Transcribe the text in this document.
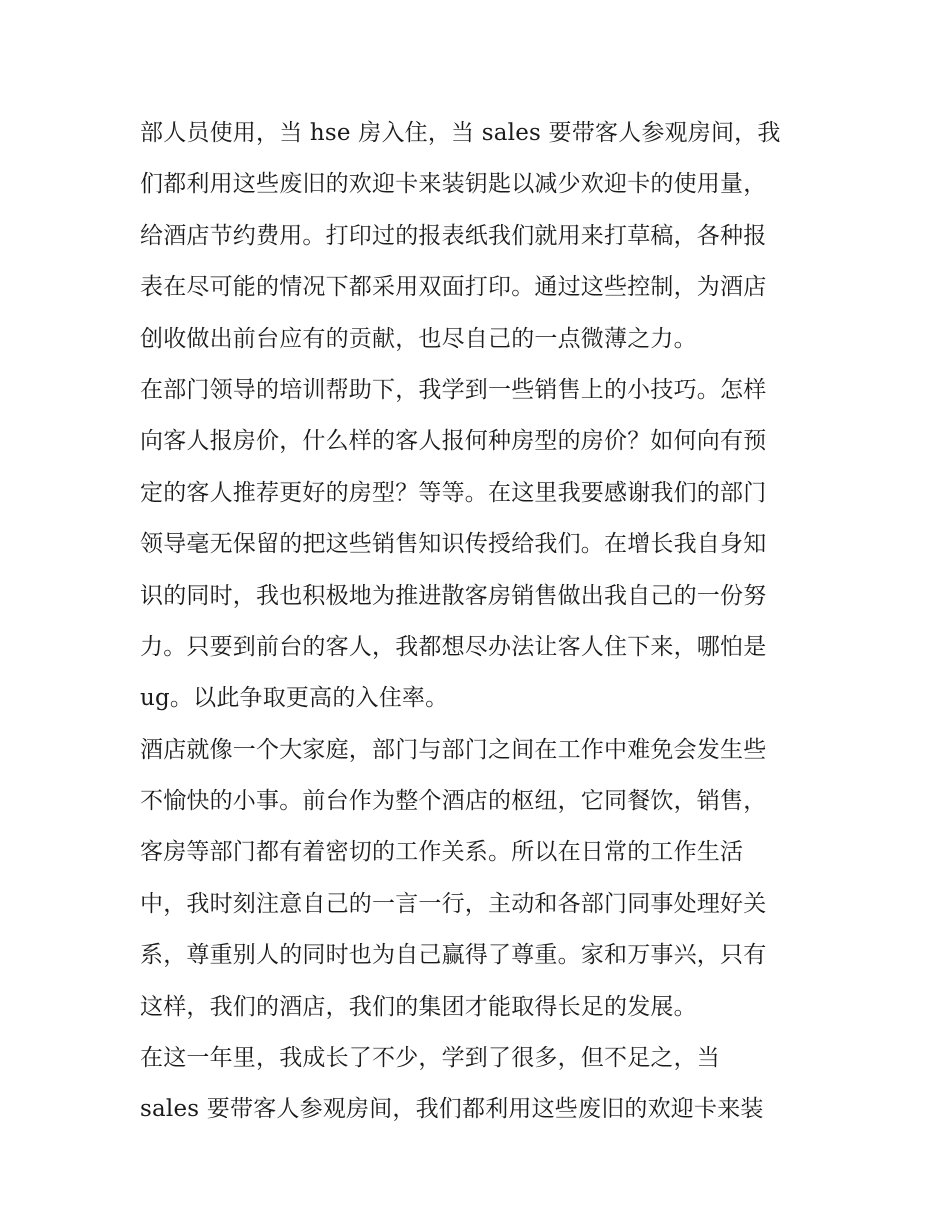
部人员使用，当 hse 房入住，当 sales 要带客人参观房间，我
们都利用这些废旧的欢迎卡来装钥匙以减少欢迎卡的使用量，
给酒店节约费用。打印过的报表纸我们就用来打草稿，各种报
表在尽可能的情况下都采用双面打印。通过这些控制，为酒店
创收做出前台应有的贡献，也尽自己的一点微薄之力。
在部门领导的培训帮助下，我学到一些销售上的小技巧。怎样
向客人报房价，什么样的客人报何种房型的房价？如何向有预
定的客人推荐更好的房型？等等。在这里我要感谢我们的部门
领导毫无保留的把这些销售知识传授给我们。在增长我自身知
识的同时，我也积极地为推进散客房销售做出我自己的一份努
力。只要到前台的客人，我都想尽办法让客人住下来，哪怕是
ug。以此争取更高的入住率。
酒店就像一个大家庭，部门与部门之间在工作中难免会发生些
不愉快的小事。前台作为整个酒店的枢纽，它同餐饮，销售，
客房等部门都有着密切的工作关系。所以在日常的工作生活
中，我时刻注意自己的一言一行，主动和各部门同事处理好关
系，尊重别人的同时也为自己赢得了尊重。家和万事兴，只有
这样，我们的酒店，我们的集团才能取得长足的发展。
在这一年里，我成长了不少，学到了很多，但不足之，当
sales 要带客人参观房间，我们都利用这些废旧的欢迎卡来装
